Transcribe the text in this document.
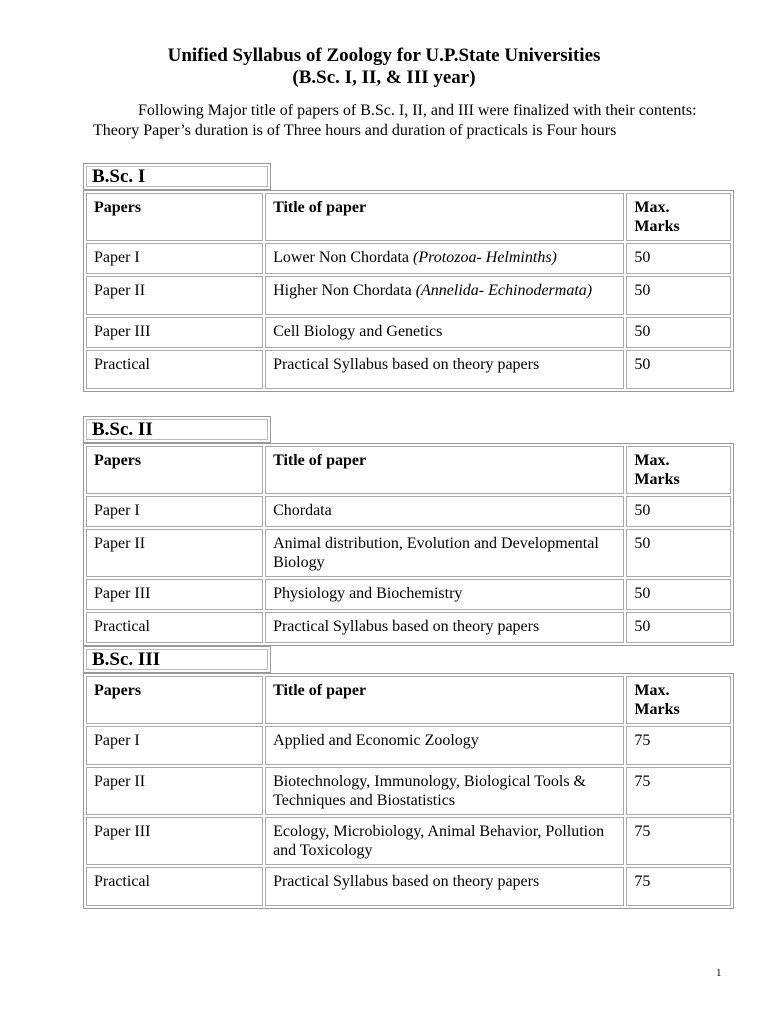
Unified Syllabus of Zoology for U.P.State Universities
(B.Sc. I, II, & III year)

Following Major title of papers of B.Sc. I, II, and III were finalized with their contents:

Theory Paper’s duration is of Three hours and duration of practicals is Four hours

B.Sc. I
Papers	Title of paper	Max.
Marks
Paper I	Lower Non Chordata (Protozoa- Helminths)	50
Paper II	Higher Non Chordata (Annelida- Echinodermata)	50
Paper III	Cell Biology and Genetics	50
Practical	Practical Syllabus based on theory papers	50
B.Sc. II
Papers	Title of paper	Max.
Marks
Paper I	Chordata	50
Paper II	Animal distribution, Evolution and Developmental Biology	50
Paper III	Physiology and Biochemistry	50
Practical	Practical Syllabus based on theory papers	50
B.Sc. III
Papers	Title of paper	Max.
Marks
Paper I	Applied and Economic Zoology	75
Paper II	Biotechnology, Immunology, Biological Tools & Techniques and Biostatistics	75
Paper III	Ecology, Microbiology, Animal Behavior, Pollution and Toxicology	75
Practical	Practical Syllabus based on theory papers	75
1
